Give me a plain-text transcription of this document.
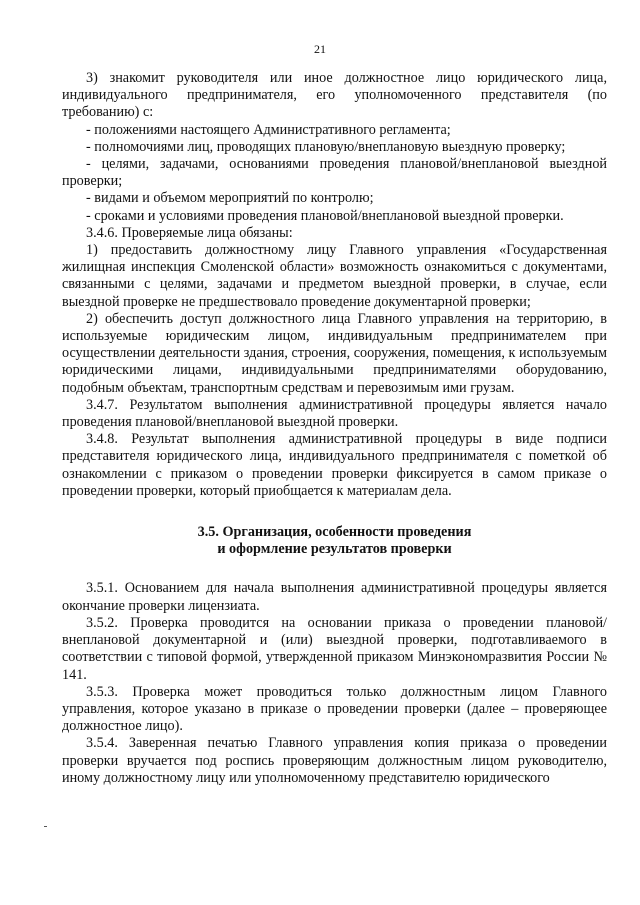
21

3) знакомит руководителя или иное должностное лицо юридического лица, индивидуального предпринимателя, его уполномоченного представителя (по требованию) с:

- положениями настоящего Административного регламента;

- полномочиями лиц, проводящих плановую/внеплановую выездную проверку;

- целями, задачами, основаниями проведения плановой/внеплановой выездной проверки;

- видами и объемом мероприятий по контролю;

- сроками и условиями проведения плановой/внеплановой выездной проверки.

3.4.6. Проверяемые лица обязаны:

1) предоставить должностному лицу Главного управления «Государственная жилищная инспекция Смоленской области» возможность ознакомиться с документами, связанными с целями, задачами и предметом выездной проверки, в случае, если выездной проверке не предшествовало проведение документарной проверки;

2) обеспечить доступ должностного лица Главного управления на территорию, в используемые юридическим лицом, индивидуальным предпринимателем при осуществлении деятельности здания, строения, сооружения, помещения, к используемым юридическими лицами, индивидуальными предпринимателями оборудованию, подобным объектам, транспортным средствам и перевозимым ими грузам.

3.4.7. Результатом выполнения административной процедуры является начало проведения плановой/внеплановой выездной проверки.

3.4.8. Результат выполнения административной процедуры в виде подписи представителя юридического лица, индивидуального предпринимателя с пометкой об ознакомлении с приказом о проведении проверки фиксируется в самом приказе о проведении проверки, который приобщается к материалам дела.

3.5. Организация, особенности проведения

и оформление результатов проверки

3.5.1. Основанием для начала выполнения административной процедуры является окончание проверки лицензиата.

3.5.2. Проверка проводится на основании приказа о проведении плановой/внеплановой документарной и (или) выездной проверки, подготавливаемого в соответствии с типовой формой, утвержденной приказом Минэкономразвития России № 141.

3.5.3. Проверка может проводиться только должностным лицом Главного управления, которое указано в приказе о проведении проверки (далее – проверяющее должностное лицо).

3.5.4. Заверенная печатью Главного управления копия приказа о проведении проверки вручается под роспись проверяющим должностным лицом руководителю, иному должностному лицу или уполномоченному представителю юридического
